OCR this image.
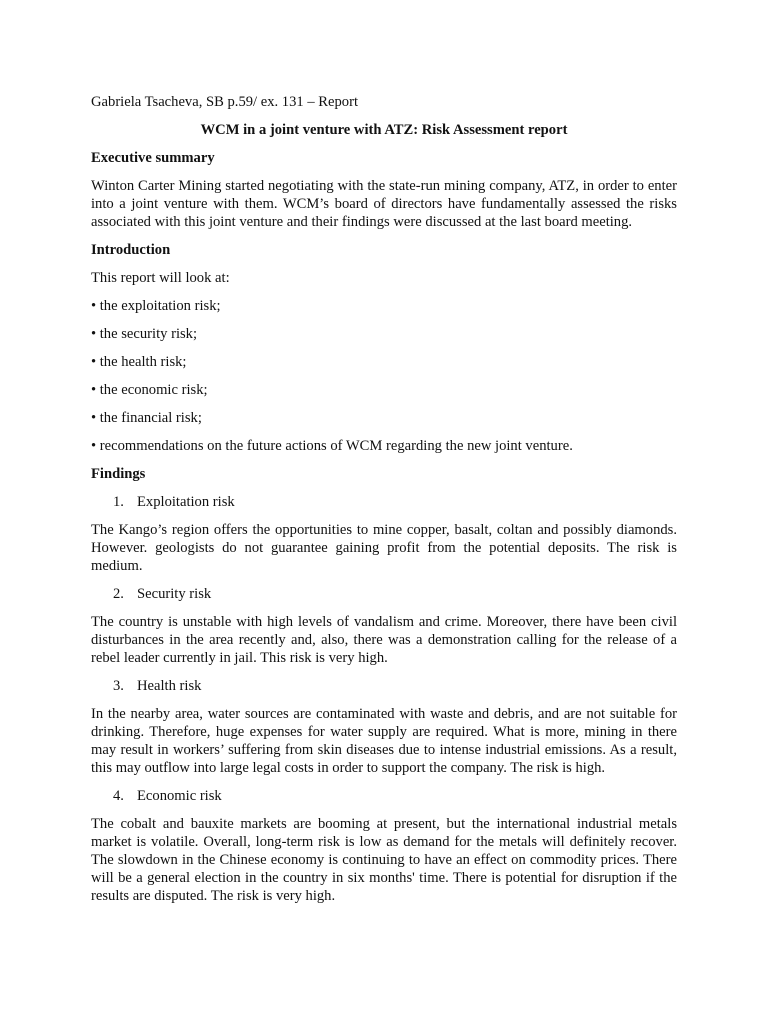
Gabriela Tsacheva, SB p.59/ ex. 131 – Report

WCM in a joint venture with ATZ: Risk Assessment report

Executive summary

Winton Carter Mining started negotiating with the state-run mining company, ATZ, in order to enter into a joint venture with them. WCM’s board of directors have fundamentally assessed the risks associated with this joint venture and their findings were discussed at the last board meeting.

Introduction

This report will look at:

• the exploitation risk;

• the security risk;

• the health risk;

• the economic risk;

• the financial risk;

• recommendations on the future actions of WCM regarding the new joint venture.

Findings

1. Exploitation risk

The Kango’s region offers the opportunities to mine copper, basalt, coltan and possibly diamonds. However. geologists do not guarantee gaining profit from the potential deposits. The risk is medium.

2. Security risk

The country is unstable with high levels of vandalism and crime. Moreover, there have been civil disturbances in the area recently and, also, there was a demonstration calling for the release of a rebel leader currently in jail. This risk is very high.

3. Health risk

In the nearby area, water sources are contaminated with waste and debris, and are not suitable for drinking. Therefore, huge expenses for water supply are required. What is more, mining in there may result in workers’ suffering from skin diseases due to intense industrial emissions. As a result, this may outflow into large legal costs in order to support the company. The risk is high.

4. Economic risk

The cobalt and bauxite markets are booming at present, but the international industrial metals market is volatile. Overall, long-term risk is low as demand for the metals will definitely recover. The slowdown in the Chinese economy is continuing to have an effect on commodity prices. There will be a general election in the country in six months' time. There is potential for disruption if the results are disputed. The risk is very high.
